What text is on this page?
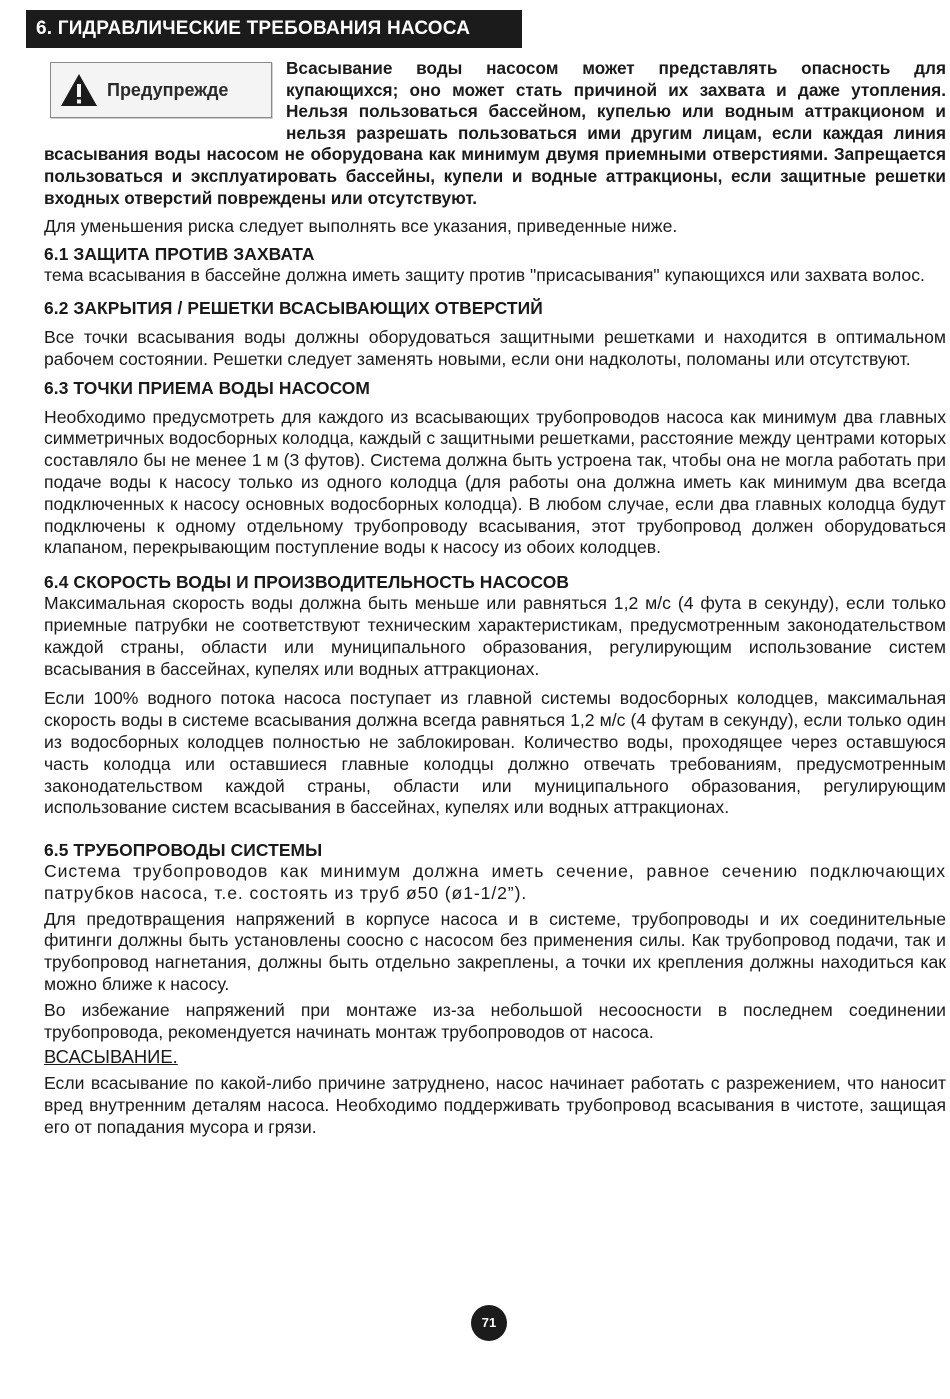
6. ГИДРАВЛИЧЕСКИЕ ТРЕБОВАНИЯ НАСОСА
Предупрежде

Всасывание воды насосом может представлять опасность для купающихся; оно может стать причиной их захвата и даже утопления. Нельзя пользоваться бассейном, купелью или водным аттракционом и нельзя разрешать пользоваться ими другим лицам, если каждая линия всасывания воды насосом не оборудована как минимум двумя приемными отверстиями. Запрещается пользоваться и эксплуатировать бассейны, купели и водные аттракционы, если защитные решетки входных отверстий повреждены или отсутствуют.

Для уменьшения риска следует выполнять все указания, приведенные ниже.

6.1 ЗАЩИТА ПРОТИВ ЗАХВАТА

тема всасывания в бассейне должна иметь защиту против "присасывания" купающихся или захвата волос.

6.2 ЗАКРЫТИЯ / РЕШЕТКИ ВСАСЫВАЮЩИХ ОТВЕРСТИЙ

Все точки всасывания воды должны оборудоваться защитными решетками и находится в оптимальном рабочем состоянии. Решетки следует заменять новыми, если они надколоты, поломаны или отсутствуют.

6.3 ТОЧКИ ПРИЕМА ВОДЫ НАСОСОМ

Необходимо предусмотреть для каждого из всасывающих трубопроводов насоса как минимум два главных симметричных водосборных колодца, каждый с защитными решетками, расстояние между центрами которых составляло бы не менее 1 м (3 футов). Система должна быть устроена так, чтобы она не могла работать при подаче воды к насосу только из одного колодца (для работы она должна иметь как минимум два всегда подключенных к насосу основных водосборных колодца). В любом случае, если два главных колодца будут подключены к одному отдельному трубопроводу всасывания, этот трубопровод должен оборудоваться клапаном, перекрывающим поступление воды к насосу из обоих колодцев.

6.4 СКОРОСТЬ ВОДЫ И ПРОИЗВОДИТЕЛЬНОСТЬ НАСОСОВ

Максимальная скорость воды должна быть меньше или равняться 1,2 м/с (4 фута в секунду), если только приемные патрубки не соответствуют техническим характеристикам, предусмотренным законодательством каждой страны, области или муниципального образования, регулирующим использование систем всасывания в бассейнах, купелях или водных аттракционах.

Если 100% водного потока насоса поступает из главной системы водосборных колодцев, максимальная скорость воды в системе всасывания должна всегда равняться 1,2 м/с (4 футам в секунду), если только один из водосборных колодцев полностью не заблокирован. Количество воды, проходящее через оставшуюся часть колодца или оставшиеся главные колодцы должно отвечать требованиям, предусмотренным законодательством каждой страны, области или муниципального образования, регулирующим использование систем всасывания в бассейнах, купелях или водных аттракционах.

6.5 ТРУБОПРОВОДЫ СИСТЕМЫ

Система трубопроводов как минимум должна иметь сечение, равное сечению подключающих патрубков насоса, т.е. состоять из труб ø50 (ø1-1/2”).

Для предотвращения напряжений в корпусе насоса и в системе, трубопроводы и их соединительные фитинги должны быть установлены соосно с насосом без применения силы. Как трубопровод подачи, так и трубопровод нагнетания, должны быть отдельно закреплены, а точки их крепления должны находиться как можно ближе к насосу.

Во избежание напряжений при монтаже из-за небольшой несоосности в последнем соединении трубопровода, рекомендуется начинать монтаж трубопроводов от насоса.

ВСАСЫВАНИЕ.

Если всасывание по какой-либо причине затруднено, насос начинает работать с разрежением, что наносит вред внутренним деталям насоса. Необходимо поддерживать трубопровод всасывания в чистоте, защищая его от попадания мусора и грязи.

71
